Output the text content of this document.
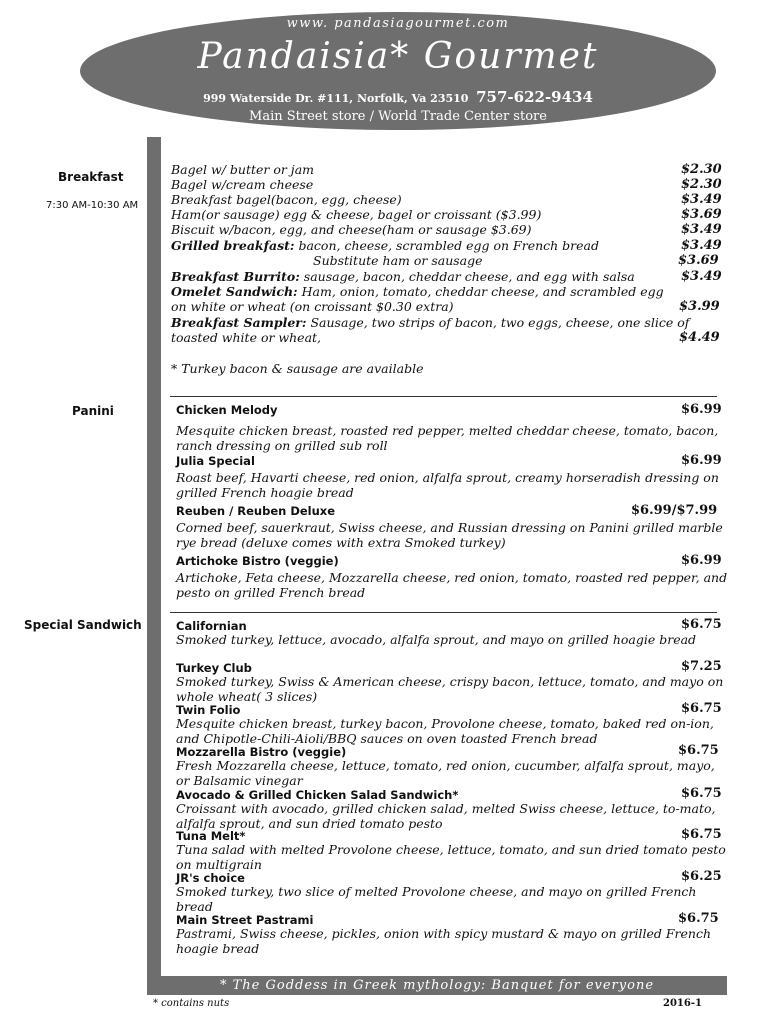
www. pandasiagourmet.com
Pandaisia* Gourmet
999 Waterside Dr. #111, Norfolk, Va 23510 757-622-9434
Main Street store / World Trade Center store
Breakfast
7:30 AM-10:30 AM
Panini
Special Sandwich
Bagel w/ butter or jam	$2.30
Bagel w/cream cheese	$2.30
Breakfast bagel(bacon, egg, cheese)	$3.49
Ham(or sausage) egg & cheese, bagel or croissant ($3.99)	$3.69
Biscuit w/bacon, egg, and cheese(ham or sausage $3.69)	$3.49
Grilled breakfast: bacon, cheese, scrambled egg on French bread	$3.49
Substitute ham or sausage	$3.69
Breakfast Burrito: sausage, bacon, cheddar cheese, and egg with salsa	$3.49
Omelet Sandwich: Ham, onion, tomato, cheddar cheese, and scrambled egg
on white or wheat (on croissant $0.30 extra)	$3.99
Breakfast Sampler: Sausage, two strips of bacon, two eggs, cheese, one slice of
toasted white or wheat,	$4.49
* Turkey bacon & sausage are available
Chicken Melody	$6.99
Mesquite chicken breast, roasted red pepper, melted cheddar cheese, tomato, bacon, ranch dressing on grilled sub roll
Julia Special	$6.99
Roast beef, Havarti cheese, red onion, alfalfa sprout, creamy horseradish dressing on grilled French hoagie bread
Reuben / Reuben Deluxe	$6.99/$7.99
Corned beef, sauerkraut, Swiss cheese, and Russian dressing on Panini grilled marble rye bread (deluxe comes with extra Smoked turkey)
Artichoke Bistro (veggie)	$6.99
Artichoke, Feta cheese, Mozzarella cheese, red onion, tomato, roasted red pepper, and pesto on grilled French bread
Californian	$6.75
Smoked turkey, lettuce, avocado, alfalfa sprout, and mayo on grilled hoagie bread
Turkey Club	$7.25
Smoked turkey, Swiss & American cheese, crispy bacon, lettuce, tomato, and mayo on whole wheat( 3 slices)
Twin Folio	$6.75
Mesquite chicken breast, turkey bacon, Provolone cheese, tomato, baked red on-ion, and Chipotle-Chili-Aioli/BBQ sauces on oven toasted French bread
Mozzarella Bistro (veggie)	$6.75
Fresh Mozzarella cheese, lettuce, tomato, red onion, cucumber, alfalfa sprout, mayo, or Balsamic vinegar
Avocado & Grilled Chicken Salad Sandwich*	$6.75
Croissant with avocado, grilled chicken salad, melted Swiss cheese, lettuce, to-mato, alfalfa sprout, and sun dried tomato pesto
Tuna Melt*	$6.75
Tuna salad with melted Provolone cheese, lettuce, tomato, and sun dried tomato pesto on multigrain
JR's choice	$6.25
Smoked turkey, two slice of melted Provolone cheese, and mayo on grilled French bread
Main Street Pastrami	$6.75
Pastrami, Swiss cheese, pickles, onion with spicy mustard & mayo on grilled French hoagie bread
* The Goddess in Greek mythology: Banquet for everyone
* contains nuts	2016-1
